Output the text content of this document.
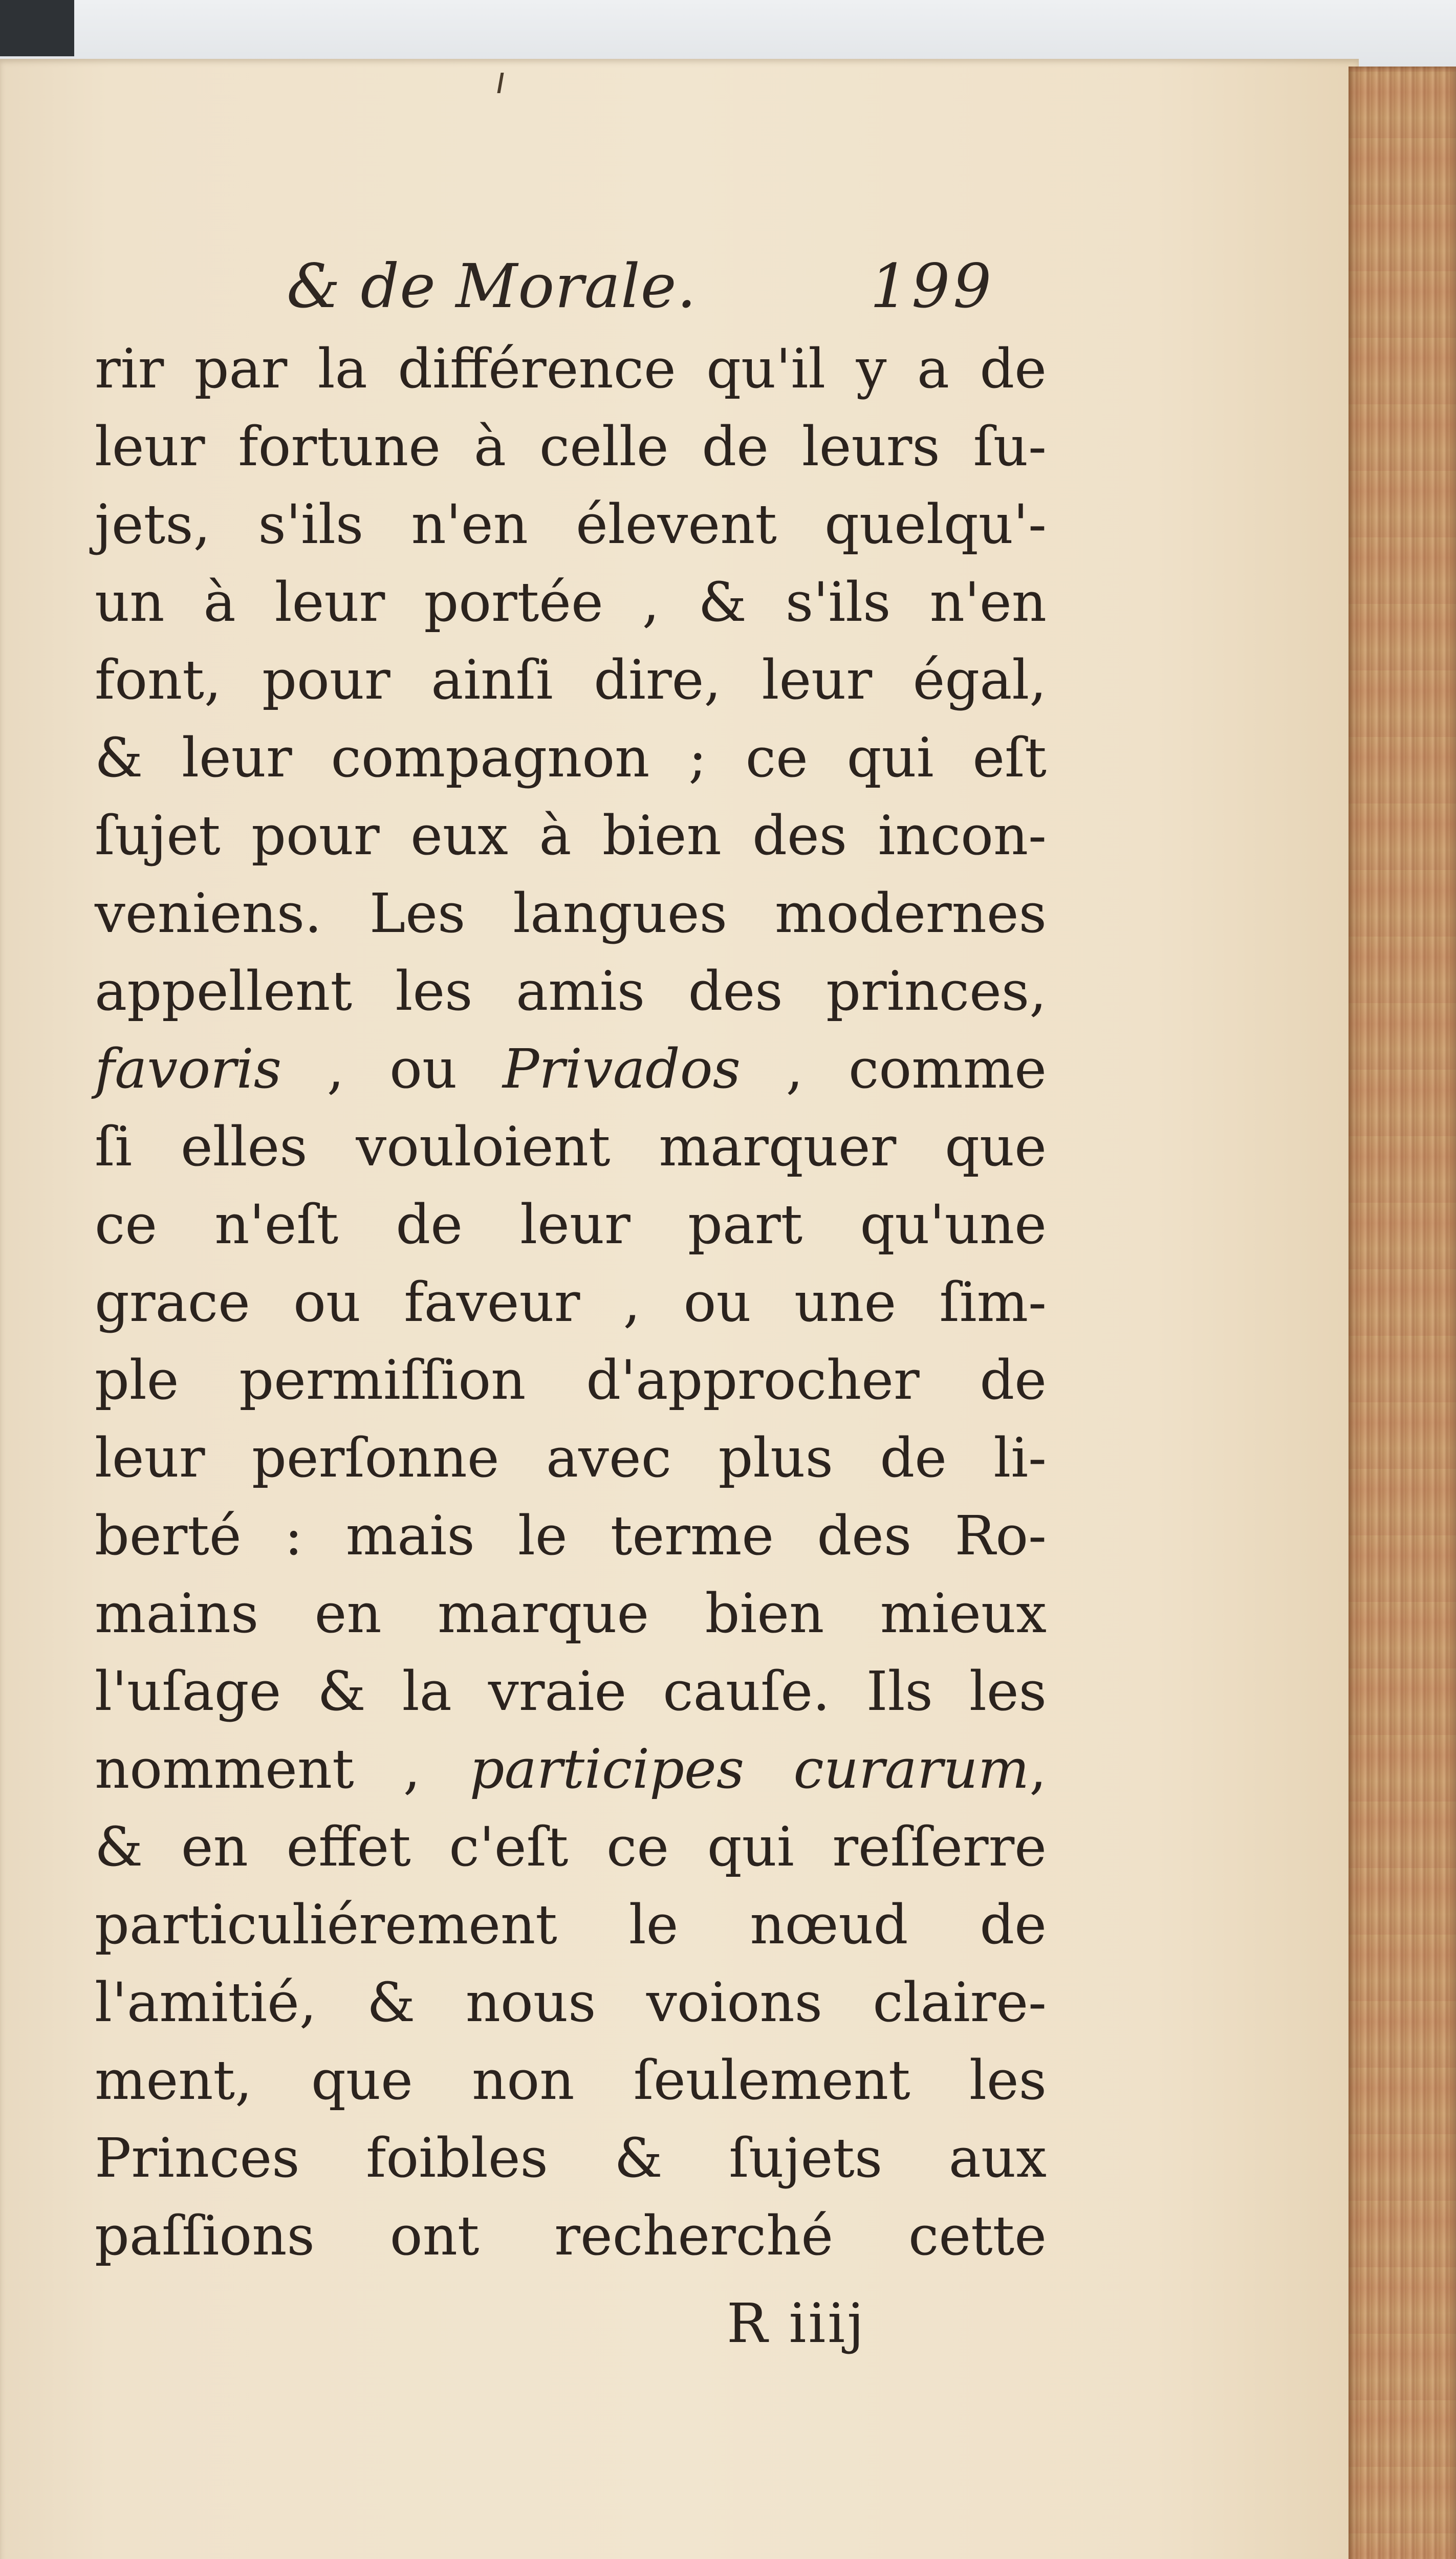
& de Morale.	199
rir par la différence qu'il y a de
leur fortune à celle de leurs ſu-
jets, s'ils n'en élevent quelqu'-
un à leur portée , & s'ils n'en
font, pour ainſi dire, leur égal,
& leur compagnon ; ce qui eſt
ſujet pour eux à bien des incon-
veniens. Les langues modernes
appellent les amis des princes,
favoris , ou Privados , comme
ſi elles vouloient marquer que
ce n'eſt de leur part qu'une
grace ou faveur , ou une ſim-
ple permiſſion d'approcher de
leur perſonne avec plus de li-
berté : mais le terme des Ro-
mains en marque bien mieux
l'uſage & la vraie cauſe. Ils les
nomment , participes curarum,
& en effet c'eſt ce qui reſſerre
particuliérement le nœud de
l'amitié, & nous voions claire-
ment, que non ſeulement les
Princes foibles & ſujets aux
paſſions ont recherché cette
R iiij
